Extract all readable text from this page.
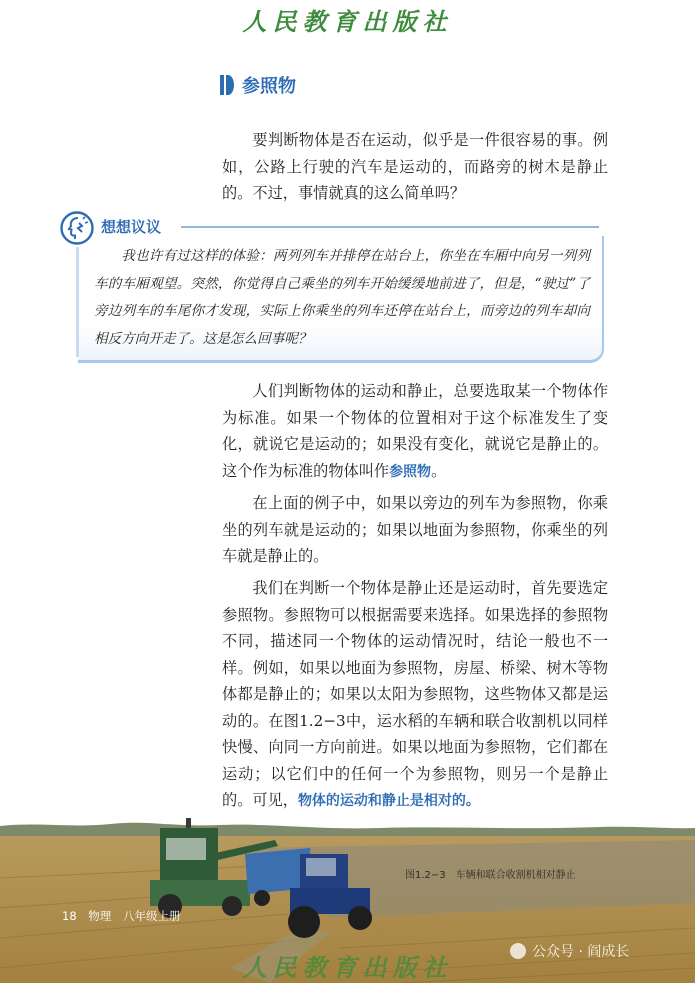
人民教育出版社
参照物

要判断物体是否在运动，似乎是一件很容易的事。例如，公路上行驶的汽车是运动的，而路旁的树木是静止的。不过，事情就真的这么简单吗？

想想议议

我也许有过这样的体验：两列列车并排停在站台上，你坐在车厢中向另一列列车的车厢观望。突然，你觉得自己乘坐的列车开始缓缓地前进了，但是，“驶过”了旁边列车的车尾你才发现，实际上你乘坐的列车还停在站台上，而旁边的列车却向相反方向开走了。这是怎么回事呢？

人们判断物体的运动和静止，总要选取某一个物体作为标准。如果一个物体的位置相对于这个标准发生了变化，就说它是运动的；如果没有变化，就说它是静止的。这个作为标准的物体叫作参照物。

在上面的例子中，如果以旁边的列车为参照物，你乘坐的列车就是运动的；如果以地面为参照物，你乘坐的列车就是静止的。

我们在判断一个物体是静止还是运动时，首先要选定参照物。参照物可以根据需要来选择。如果选择的参照物不同，描述同一个物体的运动情况时，结论一般也不一样。例如，如果以地面为参照物，房屋、桥梁、树木等物体都是静止的；如果以太阳为参照物，这些物体又都是运动的。在图1.2−3中，运水稻的车辆和联合收割机以同样快慢、向同一方向前进。如果以地面为参照物，它们都在运动；以它们中的任何一个为参照物，则另一个是静止的。可见，物体的运动和静止是相对的。

图1.2−3　车辆和联合收割机相对静止
18 物理 八年级上册
人民教育出版社
公众号 · 阎成长
